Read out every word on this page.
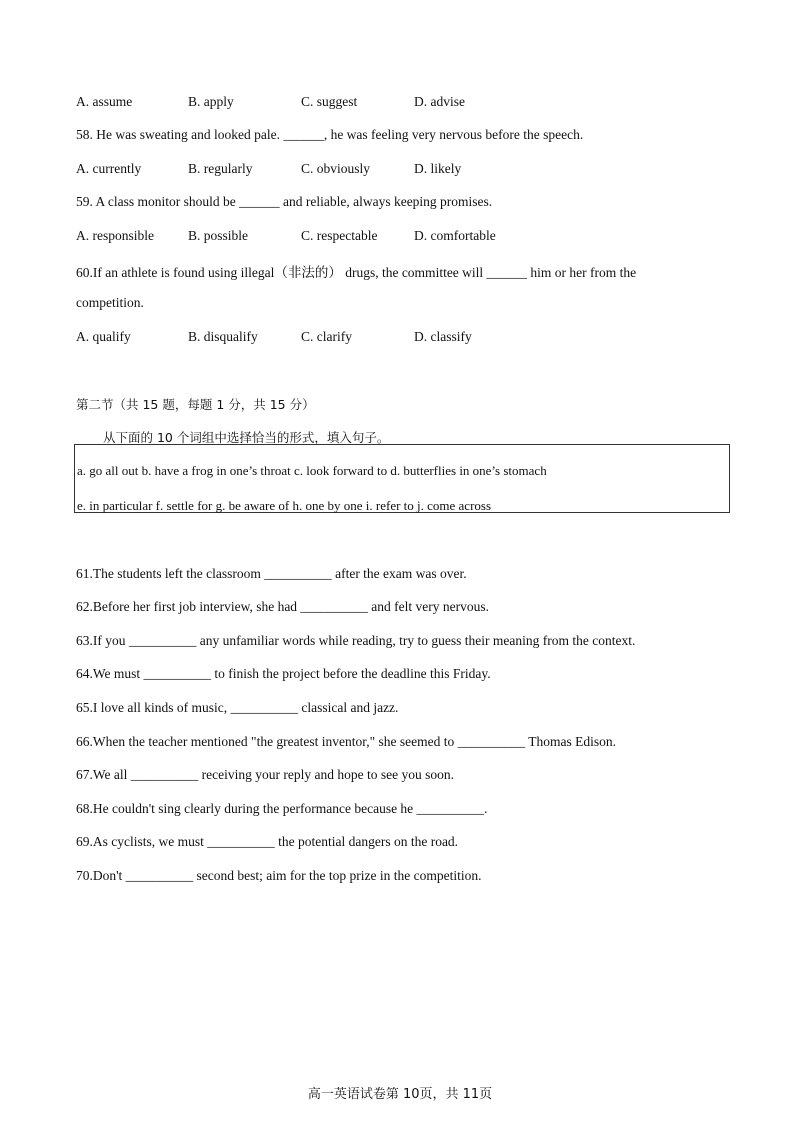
A. assume	B. apply	C. suggest	D. advise
58. He was sweating and looked pale. ______, he was feeling very nervous before the speech.
A. currently	B. regularly	C. obviously	D. likely
59. A class monitor should be ______ and reliable, always keeping promises.
A. responsible	B. possible	C. respectable	D. comfortable
60.If an athlete is found using illegal（非法的） drugs, the committee will ______ him or her from the
competition.
A. qualify	B. disqualify	C. clarify	D. classify
第二节（共 15 题，每题 1 分，共 15 分）
从下面的 10 个词组中选择恰当的形式，填入句子。
a. go all out b. have a frog in one’s throat c. look forward to d. butterflies in one’s stomach
e. in particular f. settle for g. be aware of h. one by one i. refer to j. come across
61.The students left the classroom __________ after the exam was over.
62.Before her first job interview, she had __________ and felt very nervous.
63.If you __________ any unfamiliar words while reading, try to guess their meaning from the context.
64.We must __________ to finish the project before the deadline this Friday.
65.I love all kinds of music, __________ classical and jazz.
66.When the teacher mentioned "the greatest inventor," she seemed to __________ Thomas Edison.
67.We all __________ receiving your reply and hope to see you soon.
68.He couldn't sing clearly during the performance because he __________.
69.As cyclists, we must __________ the potential dangers on the road.
70.Don't __________ second best; aim for the top prize in the competition.
高一英语试卷第 10页，共 11页
